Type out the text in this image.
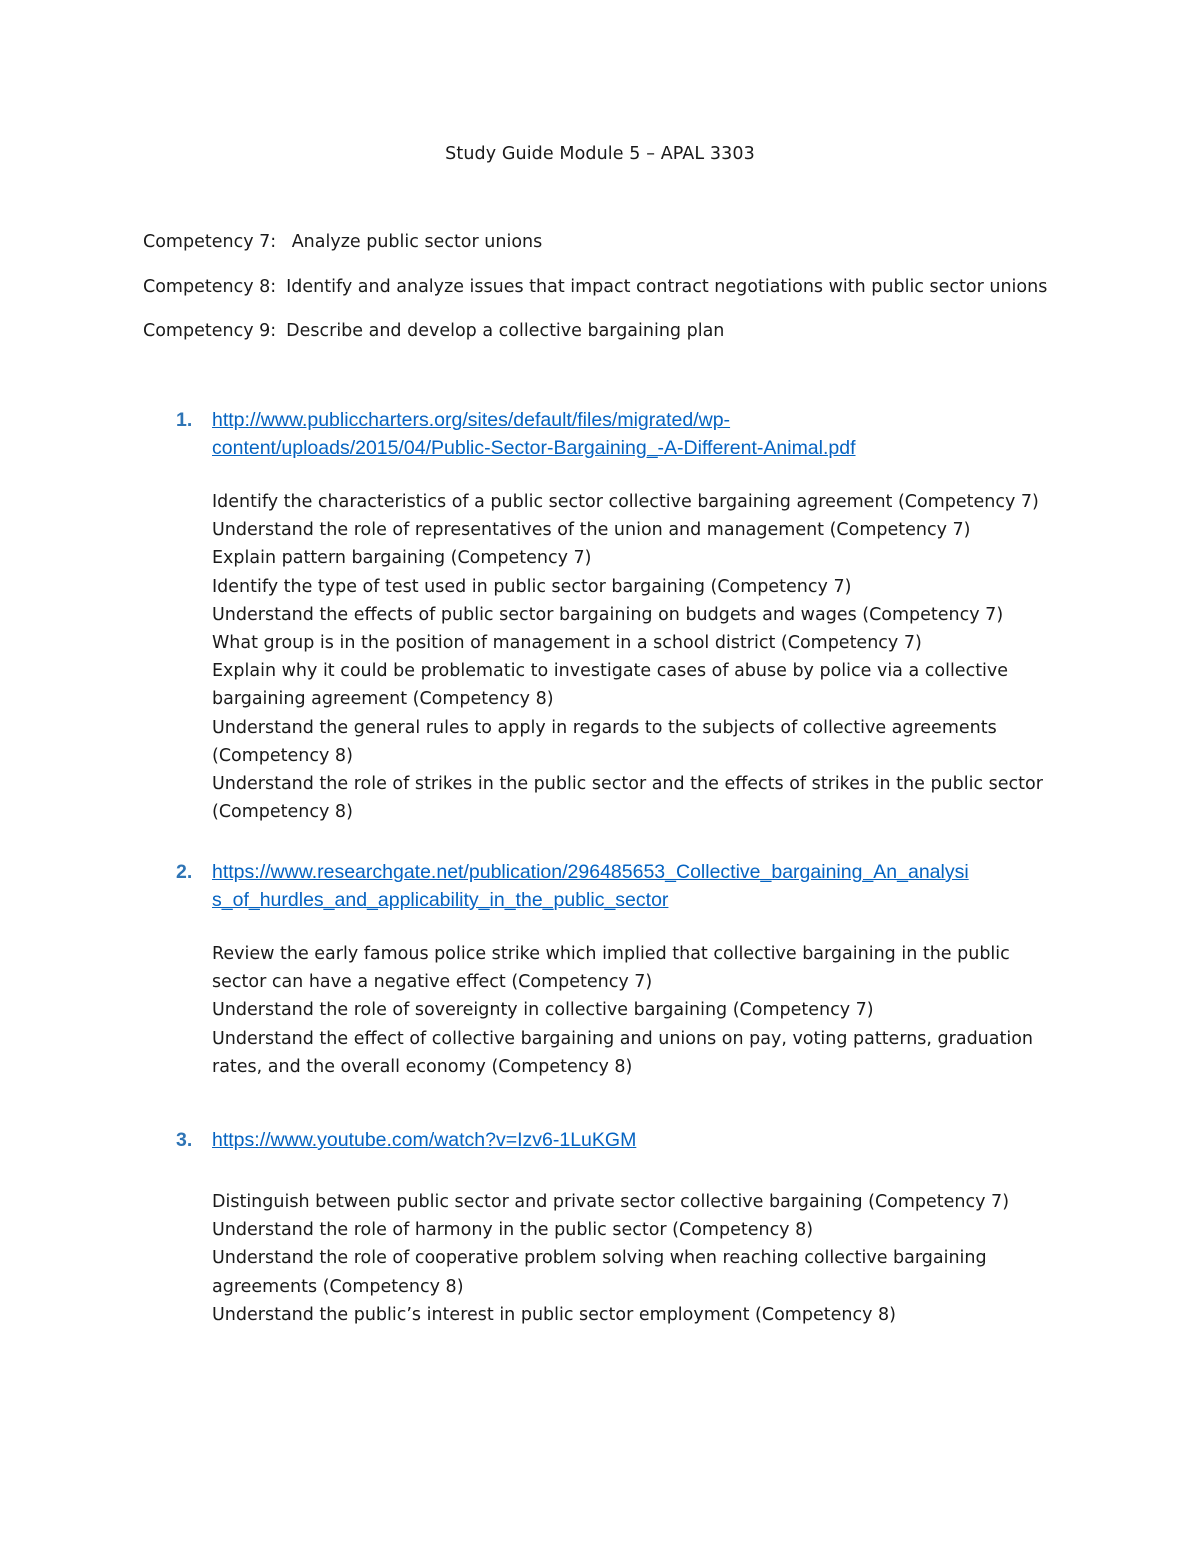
Study Guide Module 5 – APAL 3303
Competency 7: Analyze public sector unions
Competency 8: Identify and analyze issues that impact contract negotiations with public sector unions
Competency 9: Describe and develop a collective bargaining plan
1. http://www.publiccharters.org/sites/default/files/migrated/wp-
content/uploads/2015/04/Public-Sector-Bargaining_-A-Different-Animal.pdf
Identify the characteristics of a public sector collective bargaining agreement (Competency 7)
Understand the role of representatives of the union and management (Competency 7)
Explain pattern bargaining (Competency 7)
Identify the type of test used in public sector bargaining (Competency 7)
Understand the effects of public sector bargaining on budgets and wages (Competency 7)
What group is in the position of management in a school district (Competency 7)
Explain why it could be problematic to investigate cases of abuse by police via a collective
bargaining agreement (Competency 8)
Understand the general rules to apply in regards to the subjects of collective agreements
(Competency 8)
Understand the role of strikes in the public sector and the effects of strikes in the public sector
(Competency 8)
2. https://www.researchgate.net/publication/296485653_Collective_bargaining_An_analysi
s_of_hurdles_and_applicability_in_the_public_sector
Review the early famous police strike which implied that collective bargaining in the public
sector can have a negative effect (Competency 7)
Understand the role of sovereignty in collective bargaining (Competency 7)
Understand the effect of collective bargaining and unions on pay, voting patterns, graduation
rates, and the overall economy (Competency 8)
3. https://www.youtube.com/watch?v=Izv6-1LuKGM
Distinguish between public sector and private sector collective bargaining (Competency 7)
Understand the role of harmony in the public sector (Competency 8)
Understand the role of cooperative problem solving when reaching collective bargaining
agreements (Competency 8)
Understand the public’s interest in public sector employment (Competency 8)
